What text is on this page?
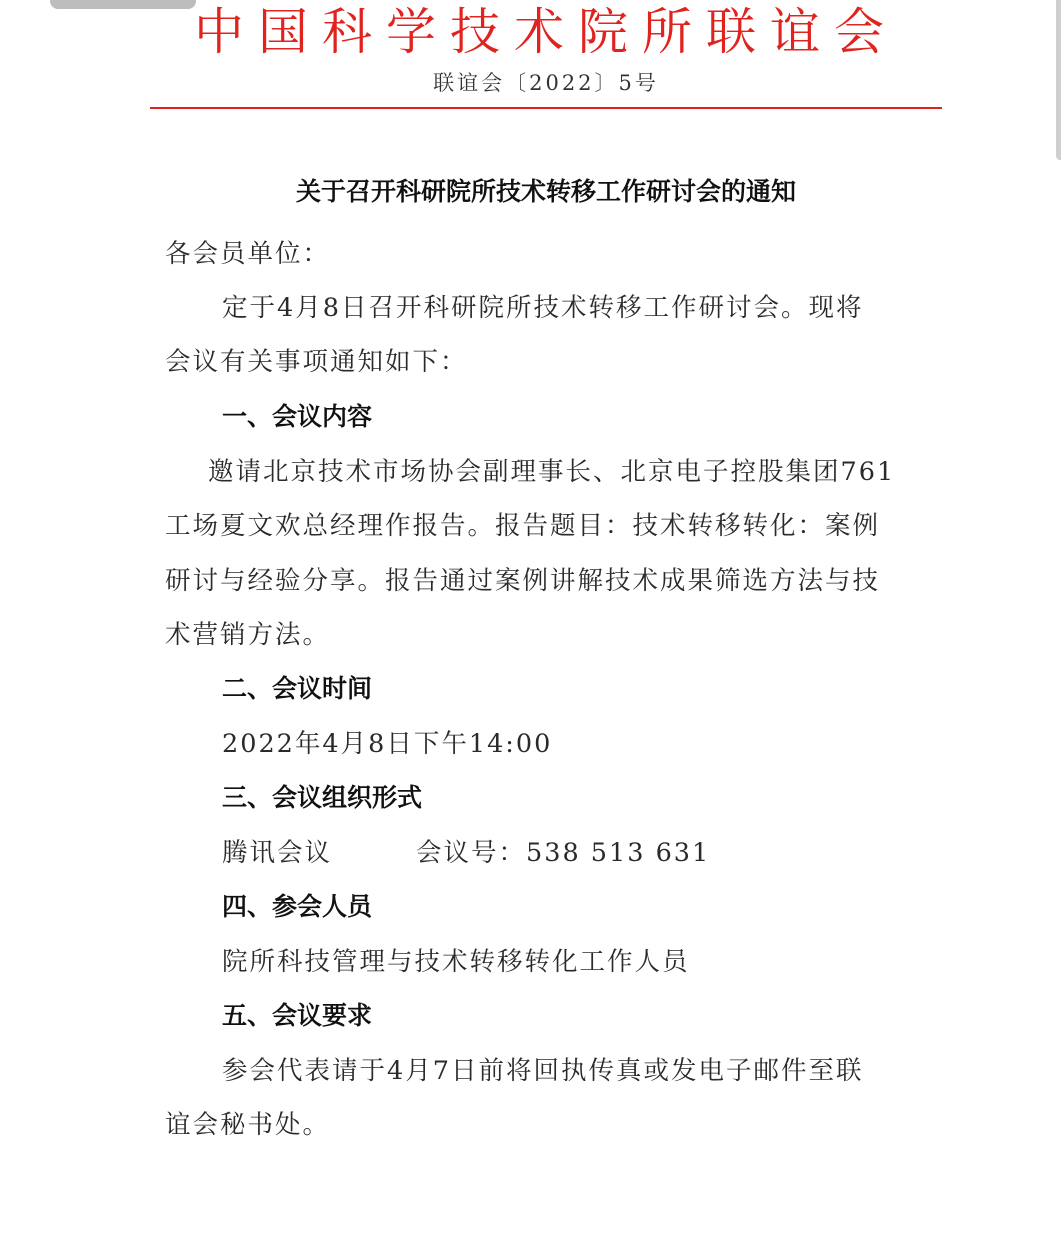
中国科学技术院所联谊会
联谊会〔2022〕5号
关于召开科研院所技术转移工作研讨会的通知
各会员单位：
定于4月8日召开科研院所技术转移工作研讨会。现将
会议有关事项通知如下：
一、会议内容
邀请北京技术市场协会副理事长、北京电子控股集团761
工场夏文欢总经理作报告。报告题目：技术转移转化：案例
研讨与经验分享。报告通过案例讲解技术成果筛选方法与技
术营销方法。
二、会议时间
2022年4月8日下午14:00
三、会议组织形式
腾讯会议	会议号：538 513 631
四、参会人员
院所科技管理与技术转移转化工作人员
五、会议要求
参会代表请于4月7日前将回执传真或发电子邮件至联
谊会秘书处。
